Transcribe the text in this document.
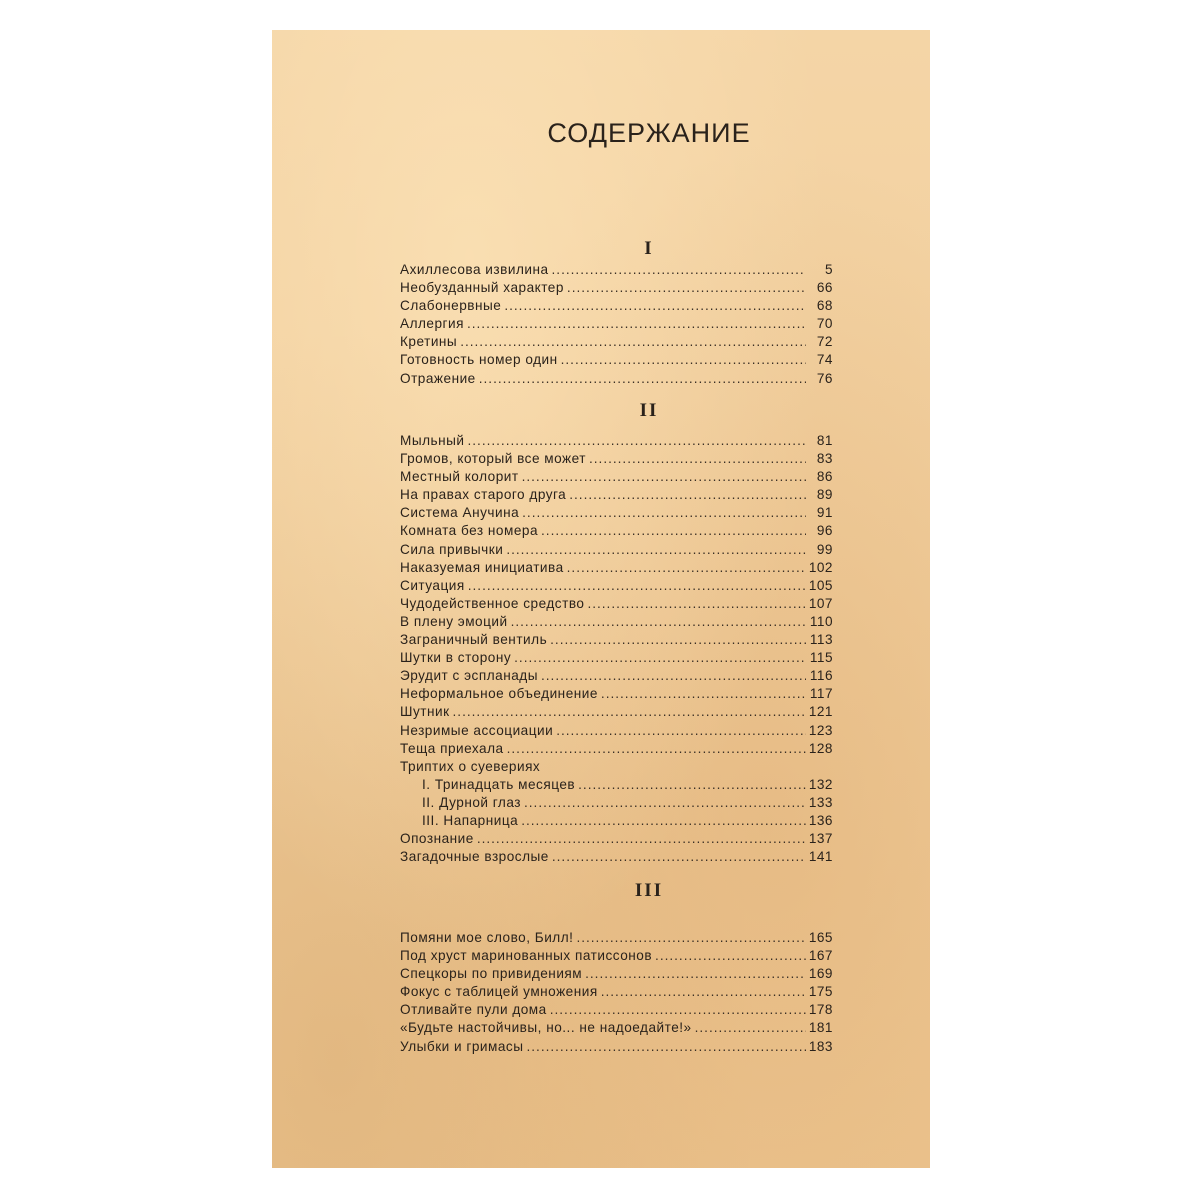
СОДЕРЖАНИЕ
I
Ахиллесова извилина .....	5
Необузданный характер .....	66
Слабонервные .....	68
Аллергия .....	70
Кретины .....	72
Готовность номер один .....	74
Отражение .....	76
II
Мыльный .....	81
Громов, который все может .....	83
Местный колорит .....	86
На правах старого друга .....	89
Система Анучина .....	91
Комната без номера .....	96
Сила привычки .....	99
Наказуемая инициатива .....	102
Ситуация .....	105
Чудодейственное средство .....	107
В плену эмоций .....	110
Заграничный вентиль .....	113
Шутки в сторону .....	115
Эрудит с эспланады .....	116
Неформальное объединение .....	117
Шутник .....	121
Незримые ассоциации .....	123
Теща приехала .....	128
Триптих о суевериях
I. Тринадцать месяцев .....	132
II. Дурной глаз .....	133
III. Напарница .....	136
Опознание .....	137
Загадочные взрослые .....	141
III
Помяни мое слово, Билл! .....	165
Под хруст маринованных патиссонов .....	167
Спецкоры по привидениям .....	169
Фокус с таблицей умножения .....	175
Отливайте пули дома .....	178
«Будьте настойчивы, но... не надоедайте!» .....	181
Улыбки и гримасы .....	183
